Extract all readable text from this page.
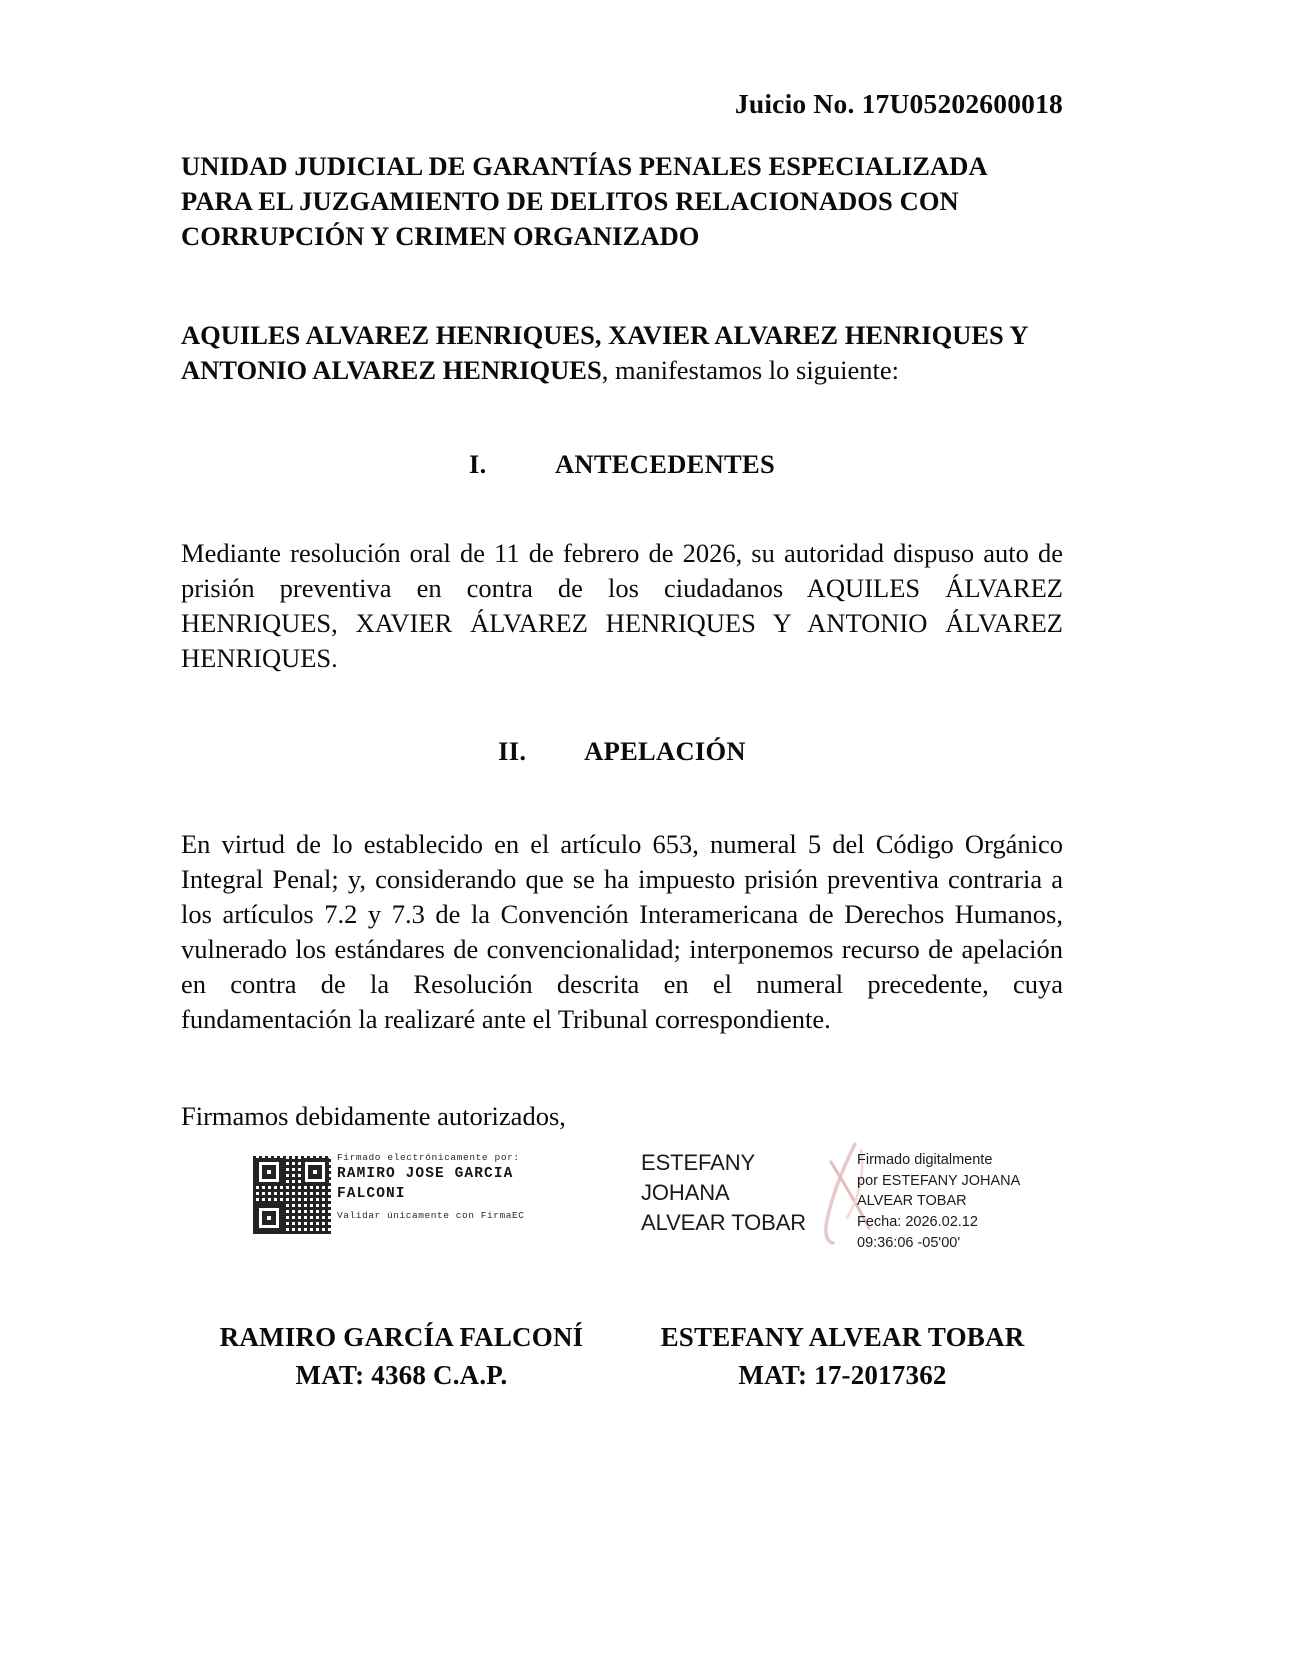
Juicio No. 17U05202600018
UNIDAD JUDICIAL DE GARANTÍAS PENALES ESPECIALIZADA PARA EL JUZGAMIENTO DE DELITOS RELACIONADOS CON CORRUPCIÓN Y CRIMEN ORGANIZADO
AQUILES ALVAREZ HENRIQUES, XAVIER ALVAREZ HENRIQUES Y ANTONIO ALVAREZ HENRIQUES, manifestamos lo siguiente:
I.	ANTECEDENTES
Mediante resolución oral de 11 de febrero de 2026, su autoridad dispuso auto de prisión preventiva en contra de los ciudadanos AQUILES ÁLVAREZ HENRIQUES, XAVIER ÁLVAREZ HENRIQUES Y ANTONIO ÁLVAREZ HENRIQUES.
II. APELACIÓN
En virtud de lo establecido en el artículo 653, numeral 5 del Código Orgánico Integral Penal; y, considerando que se ha impuesto prisión preventiva contraria a los artículos 7.2 y 7.3 de la Convención Interamericana de Derechos Humanos, vulnerado los estándares de convencionalidad; interponemos recurso de apelación en contra de la Resolución descrita en el numeral precedente, cuya fundamentación la realizaré ante el Tribunal correspondiente.
Firmamos debidamente autorizados,
Firmado electrónicamente por:
RAMIRO JOSE GARCIA
FALCONI
Validar únicamente con FirmaEC
ESTEFANY
JOHANA
ALVEAR TOBAR
Firmado digitalmente
por ESTEFANY JOHANA
ALVEAR TOBAR
Fecha: 2026.02.12
09:36:06 -05'00'
RAMIRO GARCÍA FALCONÍ
MAT: 4368 C.A.P.
ESTEFANY ALVEAR TOBAR
MAT: 17-2017362
